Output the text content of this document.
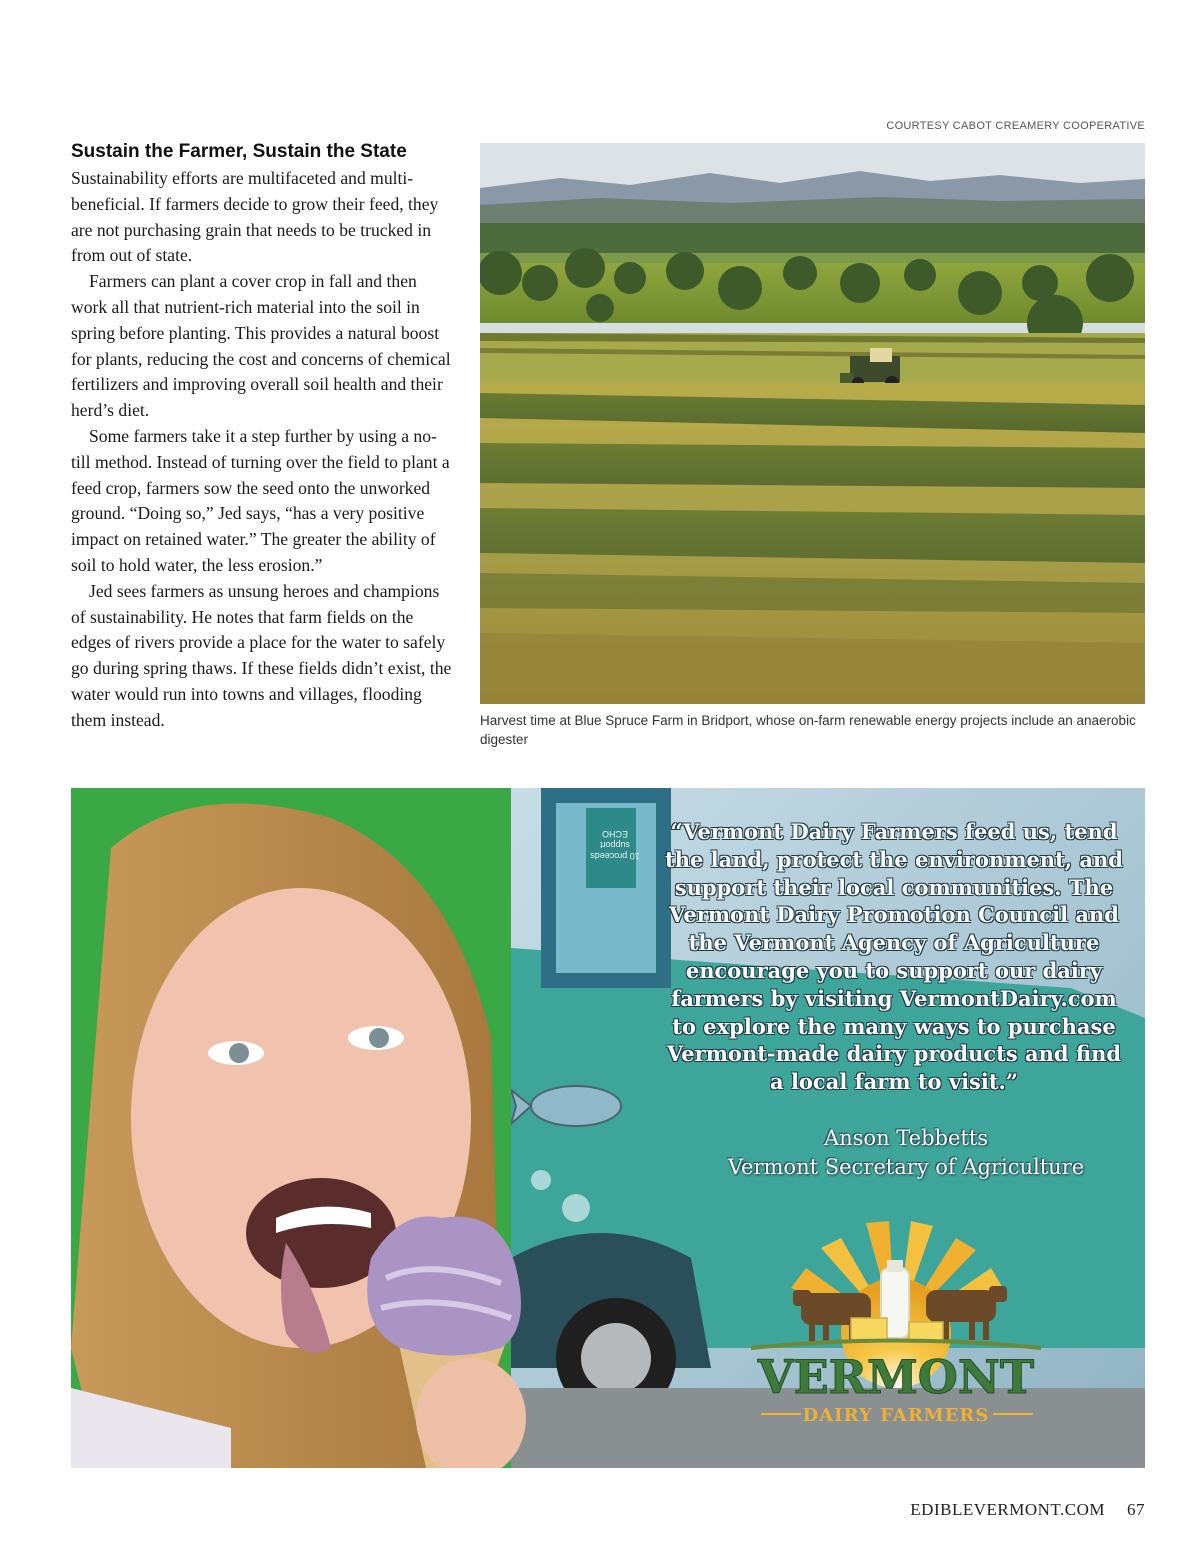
COURTESY CABOT CREAMERY COOPERATIVE
Sustain the Farmer, Sustain the State

Sustainability efforts are multifaceted and multi-beneficial. If farmers decide to grow their feed, they are not purchasing grain that needs to be trucked in from out of state.

Farmers can plant a cover crop in fall and then work all that nutrient-rich material into the soil in spring before planting. This provides a natural boost for plants, reducing the cost and concerns of chemical fertilizers and improving overall soil health and their herd’s diet.

Some farmers take it a step further by using a no-till method. Instead of turning over the field to plant a feed crop, farmers sow the seed onto the unworked ground. “Doing so,” Jed says, “has a very positive impact on retained water.” The greater the ability of soil to hold water, the less erosion.”

Jed sees farmers as unsung heroes and champions of sustainability. He notes that farm fields on the edges of rivers provide a place for the water to safely go during spring thaws. If these fields didn’t exist, the water would run into towns and villages, flooding them instead.	Harvest time at Blue Spruce Farm in Bridport, whose on-farm renewable energy projects include an anaerobic digester
“Vermont Dairy Farmers feed us, tend the land, protect the environment, and support their local communities. The Vermont Dairy Promotion Council and the Vermont Agency of Agriculture encourage you to support our dairy farmers by visiting VermontDairy.com to explore the many ways to purchase Vermont-made dairy products and find a local farm to visit.”
Anson Tebbetts
Vermont Secretary of Agriculture
VERMONT
DAIRY FARMERS
10 proceeds support ECHO
EDIBLEVERMONT.COM 67
